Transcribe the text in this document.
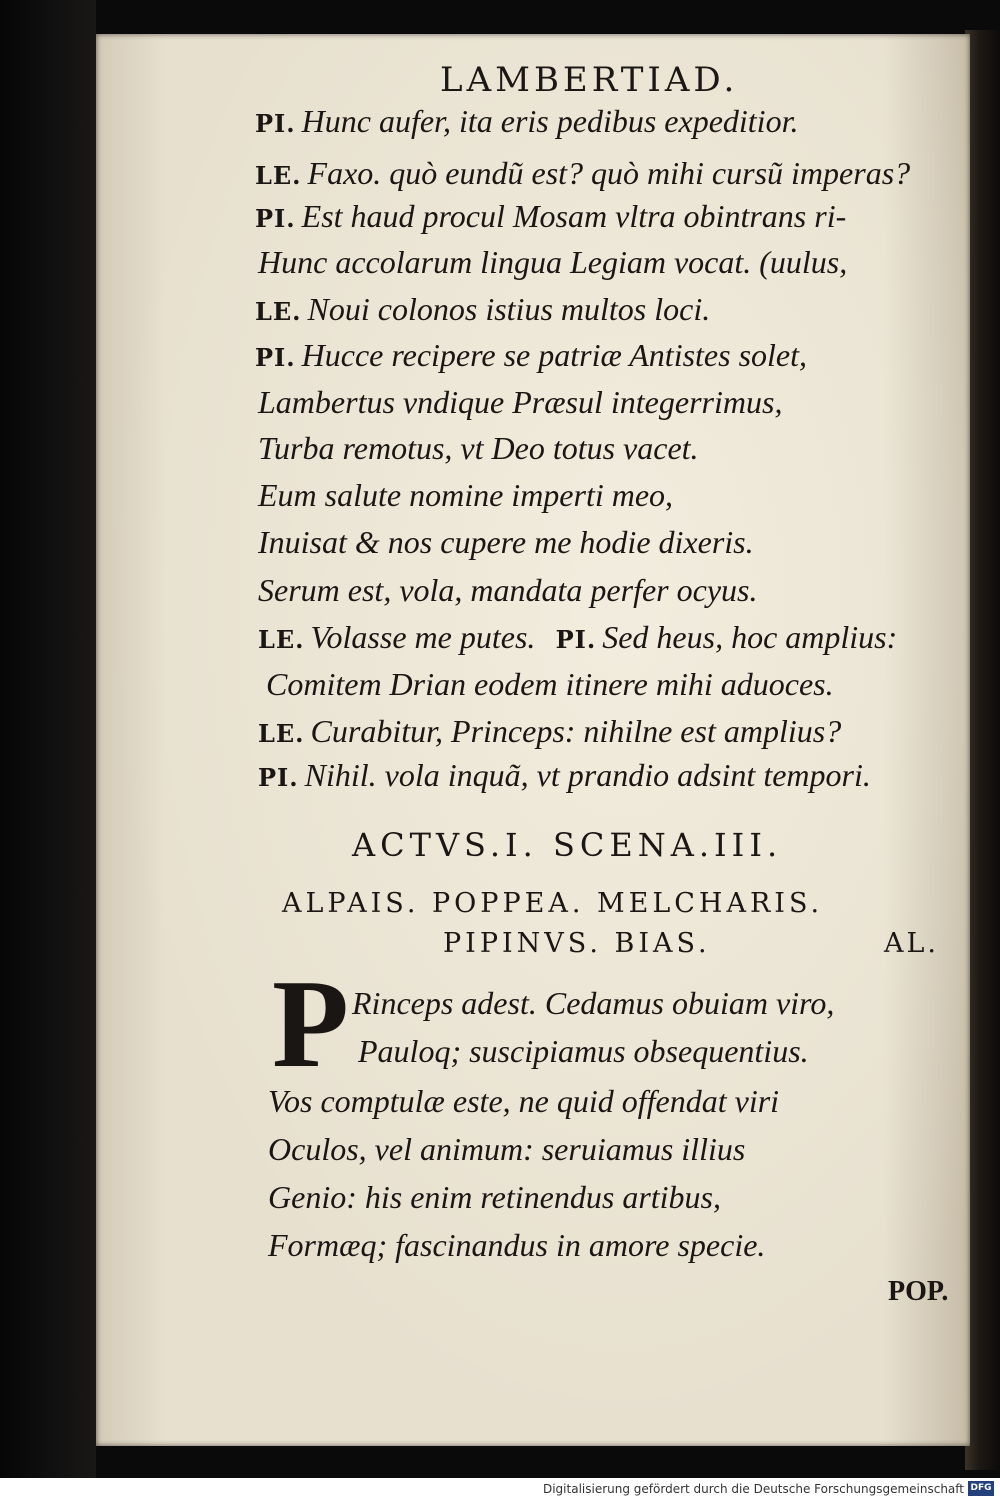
LAMBERTIAD.
PI. Hunc aufer, ita eris pedibus expeditior.
LE. Faxo. quò eundũ est? quò mihi cursũ imperas?
PI. Est haud procul Mosam vltra obintrans ri-
Hunc accolarum lingua Legiam vocat. (uulus,
LE. Noui colonos istius multos loci.
PI. Hucce recipere se patriæ Antistes solet,
Lambertus vndique Præsul integerrimus,
Turba remotus, vt Deo totus vacet.
Eum salute nomine imperti meo,
Inuisat & nos cupere me hodie dixeris.
Serum est, vola, mandata perfer ocyus.
LE. Volasse me putes. PI. Sed heus, hoc amplius:
Comitem Drian eodem itinere mihi aduoces.
LE. Curabitur, Princeps: nihilne est amplius?
PI. Nihil. vola inquã, vt prandio adsint tempori.
ACTVS.I. SCENA.III.
ALPAIS. POPPEA. MELCHARIS.
PIPINVS. BIAS.	AL.
P Rinceps adest. Cedamus obuiam viro,
Pauloq; suscipiamus obsequentius.
Vos comptulæ este, ne quid offendat viri
Oculos, vel animum: seruiamus illius
Genio: his enim retinendus artibus,
Formæq; fascinandus in amore specie.
POP.
Digitalisierung gefördert durch die Deutsche Forschungsgemeinschaft DFG
